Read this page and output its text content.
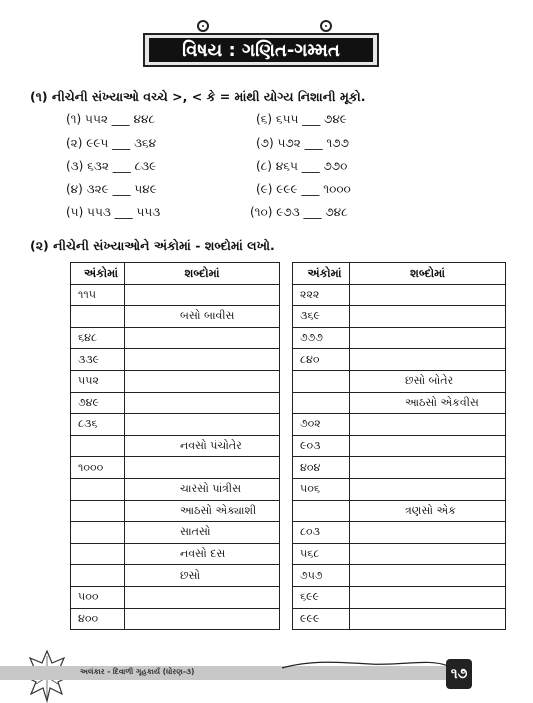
વિષય : ગણિત-ગમ્મત
(૧) નીચેની સંખ્યાઓ વચ્ચે >, < કે = માંથી યોગ્ય નિશાની મૂકો.
(૧) ૫૫૨ ___ ૪૪૮
(૨) ૯૯૫ ___ ૩૬૪
(૩) ૬૩૨ ___ ૮૩૯
(૪) ૩૨૯ ___ ૫૪૯
(૫) ૫૫૩ ___ ૫૫૩
(૬) ૬૫૫ ___ ૭૪૯
(૭) ૫૭૨ ___ ૧૭૭
(૮) ૪૬૫ ___ ૭૭૦
(૯) ૯૯૯ ___ ૧૦૦૦
(૧૦) ૯૭૩ ___ ૭૪૮
(૨) નીચેની સંખ્યાઓને અંકોમાં - શબ્દોમાં લખો.
અંકોમાં	શબ્દોમાં
૧૧૫	
	બસો બાવીસ
૬૪૮	
૩૩૯	
૫૫૨	
૭૪૯	
૮૩૬	
	નવસો પંચોતેર
૧૦૦૦	
	ચારસો પાંત્રીસ
	આઠસો એક્યાશી
	સાતસો
	નવસો દસ
	છસો
૫૦૦	
૪૦૦	
અંકોમાં	શબ્દોમાં
૨૨૨	
૩૬૯	
૭૭૭	
૮૪૦	
	છસો બોતેર
	આઠસો એકવીસ
૭૦૨	
૯૦૩	
૪૦૪	
૫૦૬	
	ત્રણસો એક
૮૦૩	
૫૬૮	
૭૫૭	
૬૯૯	
૯૯૯	
અલંકાર - દિવાળી ગૃહકાર્ય (ધોરણ-૩)	૧૭
